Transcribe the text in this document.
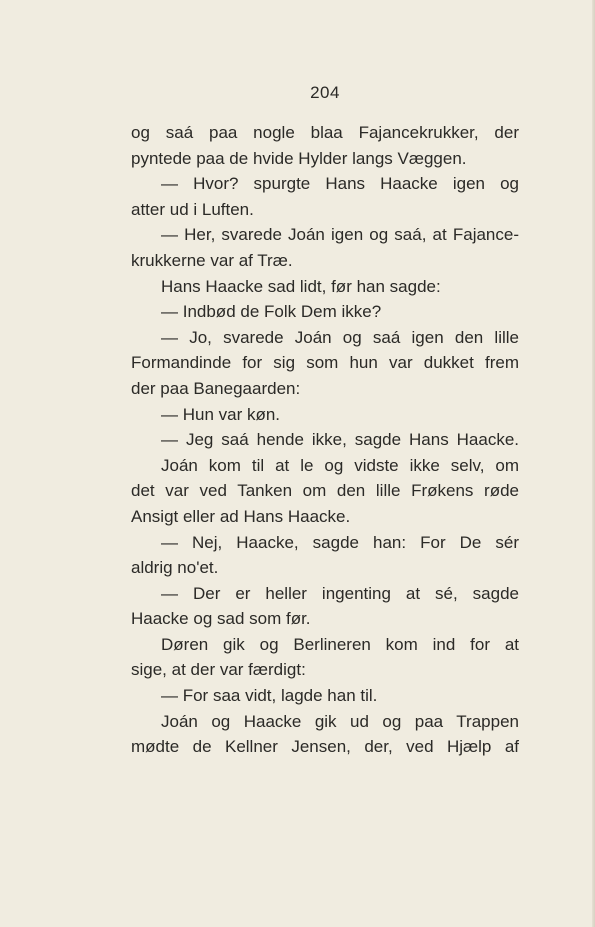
204
og saá paa nogle blaa Fajancekrukker, der
pyntede paa de hvide Hylder langs Væggen.
— Hvor? spurgte Hans Haacke igen og
atter ud i Luften.
— Her, svarede Joán igen og saá, at Fajance-
krukkerne var af Træ.
Hans Haacke sad lidt, før han sagde:
— Indbød de Folk Dem ikke?
— Jo, svarede Joán og saá igen den lille
Formandinde for sig som hun var dukket frem
der paa Banegaarden:
— Hun var køn.
— Jeg saá hende ikke, sagde Hans Haacke.
Joán kom til at le og vidste ikke selv, om
det var ved Tanken om den lille Frøkens røde
Ansigt eller ad Hans Haacke.
— Nej, Haacke, sagde han: For De sér
aldrig no'et.
— Der er heller ingenting at sé, sagde
Haacke og sad som før.
Døren gik og Berlineren kom ind for at
sige, at der var færdigt:
— For saa vidt, lagde han til.
Joán og Haacke gik ud og paa Trappen
mødte de Kellner Jensen, der, ved Hjælp af
